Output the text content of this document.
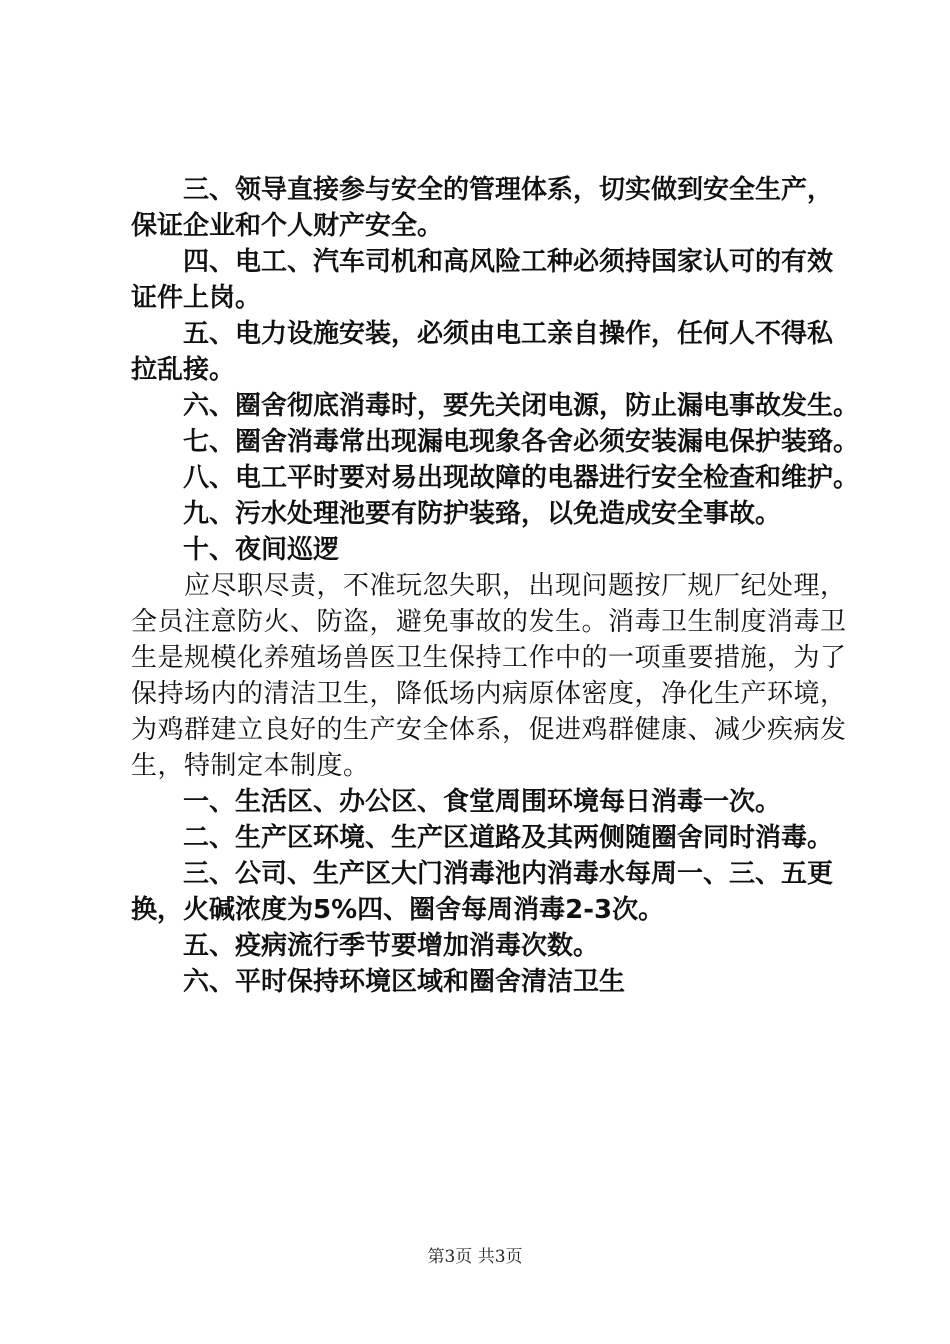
　　三、领导直接参与安全的管理体系，切实做到安全生产，
保证企业和个人财产安全。
　　四、电工、汽车司机和高风险工种必须持国家认可的有效
证件上岗。
　　五、电力设施安装，必须由电工亲自操作，任何人不得私
拉乱接。
　　六、圈舍彻底消毒时，要先关闭电源，防止漏电事故发生。
　　七、圈舍消毒常出现漏电现象各舍必须安装漏电保护装臵。
　　八、电工平时要对易出现故障的电器进行安全检查和维护。
　　九、污水处理池要有防护装臵，以免造成安全事故。
　　十、夜间巡逻
　　应尽职尽责，不准玩忽失职，出现问题按厂规厂纪处理，
全员注意防火、防盗，避免事故的发生。消毒卫生制度消毒卫
生是规模化养殖场兽医卫生保持工作中的一项重要措施，为了
保持场内的清洁卫生，降低场内病原体密度，净化生产环境，
为鸡群建立良好的生产安全体系，促进鸡群健康、减少疾病发
生，特制定本制度。
　　一、生活区、办公区、食堂周围环境每日消毒一次。
　　二、生产区环境、生产区道路及其两侧随圈舍同时消毒。
　　三、公司、生产区大门消毒池内消毒水每周一、三、五更
换，火碱浓度为5%四、圈舍每周消毒2-3次。
　　五、疫病流行季节要增加消毒次数。
　　六、平时保持环境区域和圈舍清洁卫生
第3页 共3页
